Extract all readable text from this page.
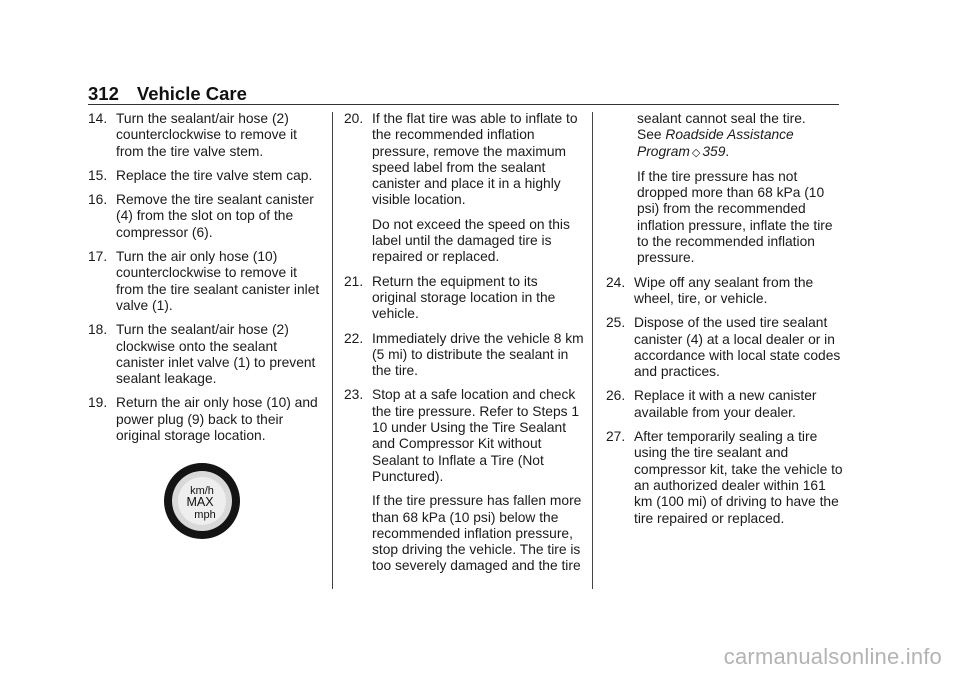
312 Vehicle Care
14. Turn the sealant/air hose (2) counterclockwise to remove it from the tire valve stem.
15. Replace the tire valve stem cap.
16. Remove the tire sealant canister (4) from the slot on top of the compressor (6).
17. Turn the air only hose (10) counterclockwise to remove it from the tire sealant canister inlet valve (1).
18. Turn the sealant/air hose (2) clockwise onto the sealant canister inlet valve (1) to prevent sealant leakage.
19. Return the air only hose (10) and power plug (9) back to their original storage location.
km/h
MAX
mph
20. If the flat tire was able to inflate to the recommended inflation pressure, remove the maximum speed label from the sealant canister and place it in a highly visible location.
Do not exceed the speed on this label until the damaged tire is repaired or replaced.
21. Return the equipment to its original storage location in the vehicle.
22. Immediately drive the vehicle 8 km (5 mi) to distribute the sealant in the tire.
23. Stop at a safe location and check the tire pressure. Refer to Steps 1 10 under Using the Tire Sealant and Compressor Kit without Sealant to Inflate a Tire (Not Punctured).
If the tire pressure has fallen more than 68 kPa (10 psi) below the recommended inflation pressure, stop driving the vehicle. The tire is too severely damaged and the tire
sealant cannot seal the tire.
See Roadside Assistance Program ◇ 359.
If the tire pressure has not dropped more than 68 kPa (10 psi) from the recommended inflation pressure, inflate the tire to the recommended inflation pressure.
24. Wipe off any sealant from the wheel, tire, or vehicle.
25. Dispose of the used tire sealant canister (4) at a local dealer or in accordance with local state codes and practices.
26. Replace it with a new canister available from your dealer.
27. After temporarily sealing a tire using the tire sealant and compressor kit, take the vehicle to an authorized dealer within 161 km (100 mi) of driving to have the tire repaired or replaced.
carmanualsonline.info
